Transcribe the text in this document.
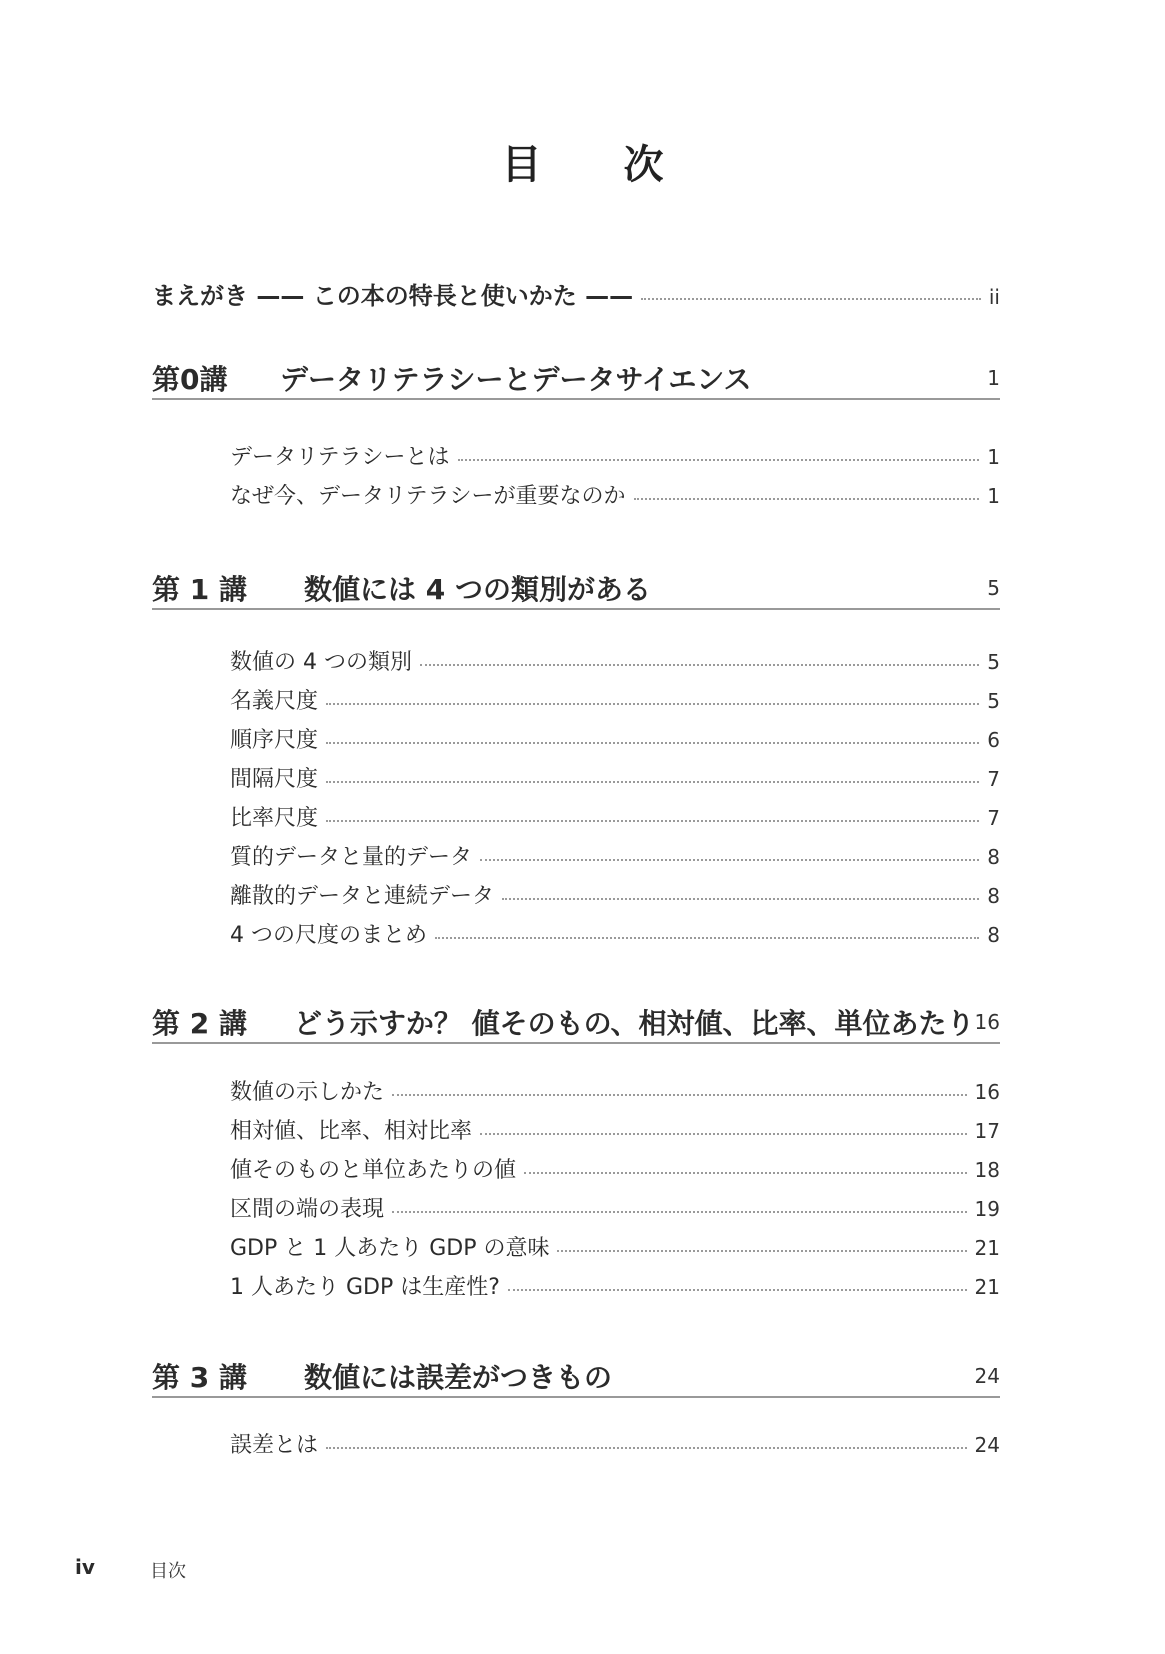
目 次
まえがき —— この本の特長と使いかた ——	ii
第0講	データリテラシーとデータサイエンス	1
データリテラシーとは	1
なぜ今、データリテラシーが重要なのか	1
第 1 講	数値には 4 つの類別がある	5
数値の 4 つの類別	5
名義尺度	5
順序尺度	6
間隔尺度	7
比率尺度	7
質的データと量的データ	8
離散的データと連続データ	8
4 つの尺度のまとめ	8
第 2 講	どう示すか？ 値そのもの、相対値、比率、単位あたり 16
数値の示しかた	16
相対値、比率、相対比率	17
値そのものと単位あたりの値	18
区間の端の表現	19
GDP と 1 人あたり GDP の意味	21
1 人あたり GDP は生産性?	21
第 3 講	数値には誤差がつきもの	24
誤差とは	24
iv	目次
